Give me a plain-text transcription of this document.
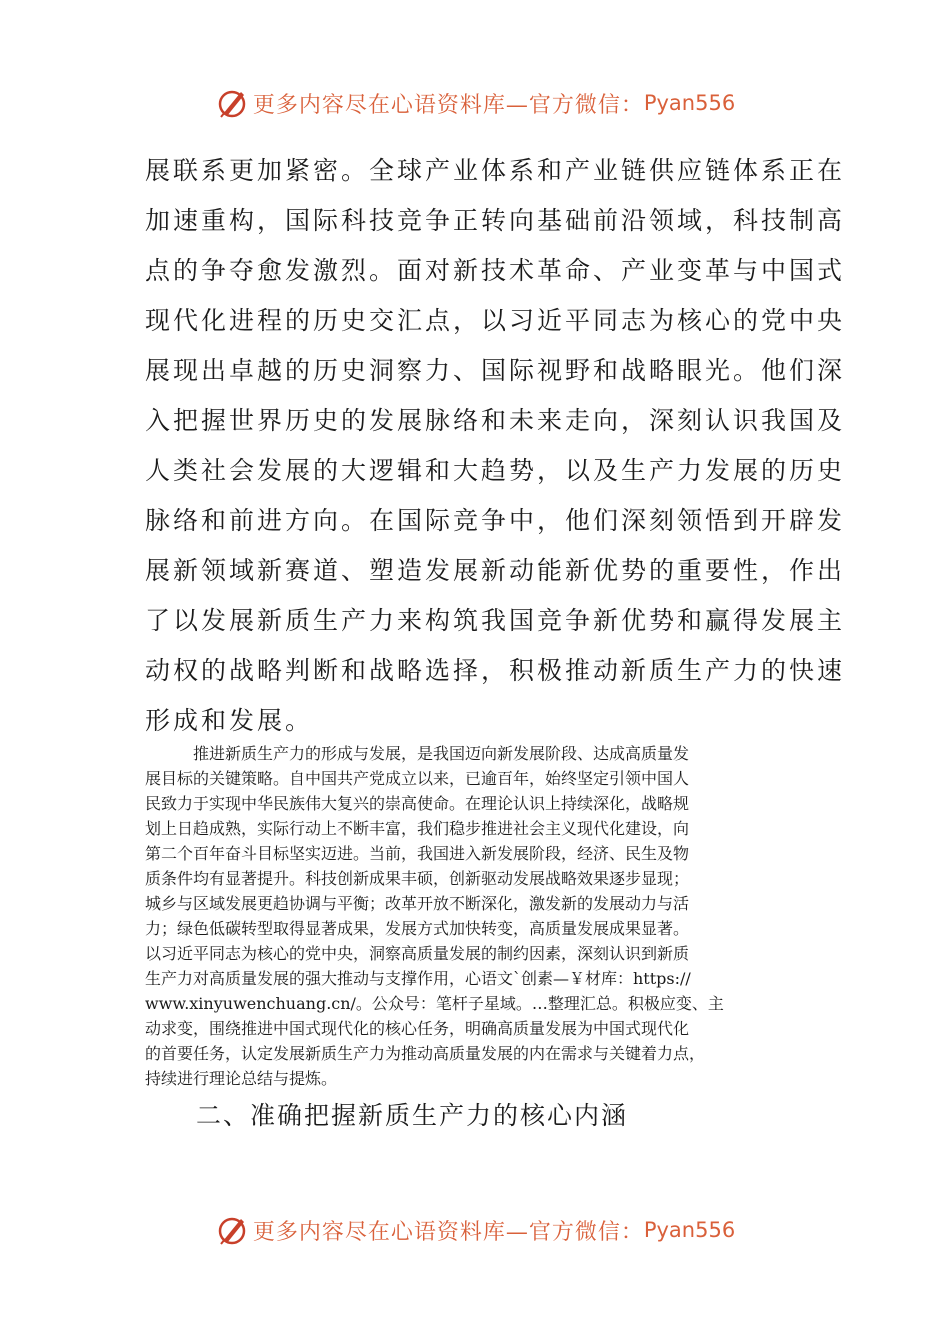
更多内容尽在心语资料库—官方微信： Pyan556

展联系更加紧密。全球产业体系和产业链供应链体系正在

加速重构，国际科技竞争正转向基础前沿领域，科技制高

点的争夺愈发激烈。面对新技术革命、产业变革与中国式

现代化进程的历史交汇点，以习近平同志为核心的党中央

展现出卓越的历史洞察力、国际视野和战略眼光。他们深

入把握世界历史的发展脉络和未来走向，深刻认识我国及

人类社会发展的大逻辑和大趋势，以及生产力发展的历史

脉络和前进方向。在国际竞争中，他们深刻领悟到开辟发

展新领域新赛道、塑造发展新动能新优势的重要性，作出

了以发展新质生产力来构筑我国竞争新优势和赢得发展主

动权的战略判断和战略选择，积极推动新质生产力的快速

形成和发展。

　　　推进新质生产力的形成与发展，是我国迈向新发展阶段、达成高质量发

展目标的关键策略。自中国共产党成立以来，已逾百年，始终坚定引领中国人

民致力于实现中华民族伟大复兴的崇高使命。在理论认识上持续深化，战略规

划上日趋成熟，实际行动上不断丰富，我们稳步推进社会主义现代化建设，向

第二个百年奋斗目标坚实迈进。当前，我国进入新发展阶段，经济、民生及物

质条件均有显著提升。科技创新成果丰硕，创新驱动发展战略效果逐步显现；

城乡与区域发展更趋协调与平衡；改革开放不断深化，激发新的发展动力与活

力；绿色低碳转型取得显著成果，发展方式加快转变，高质量发展成果显著。

以习近平同志为核心的党中央，洞察高质量发展的制约因素，深刻认识到新质

生产力对高质量发展的强大推动与支撑作用，心语文`创素—￥材库：https://

www.xinyuwenchuang.cn/。公众号：笔杆子星域。…整理汇总。积极应变、主

动求变，围绕推进中国式现代化的核心任务，明确高质量发展为中国式现代化

的首要任务，认定发展新质生产力为推动高质量发展的内在需求与关键着力点，

持续进行理论总结与提炼。

二、准确把握新质生产力的核心内涵
更多内容尽在心语资料库—官方微信： Pyan556
